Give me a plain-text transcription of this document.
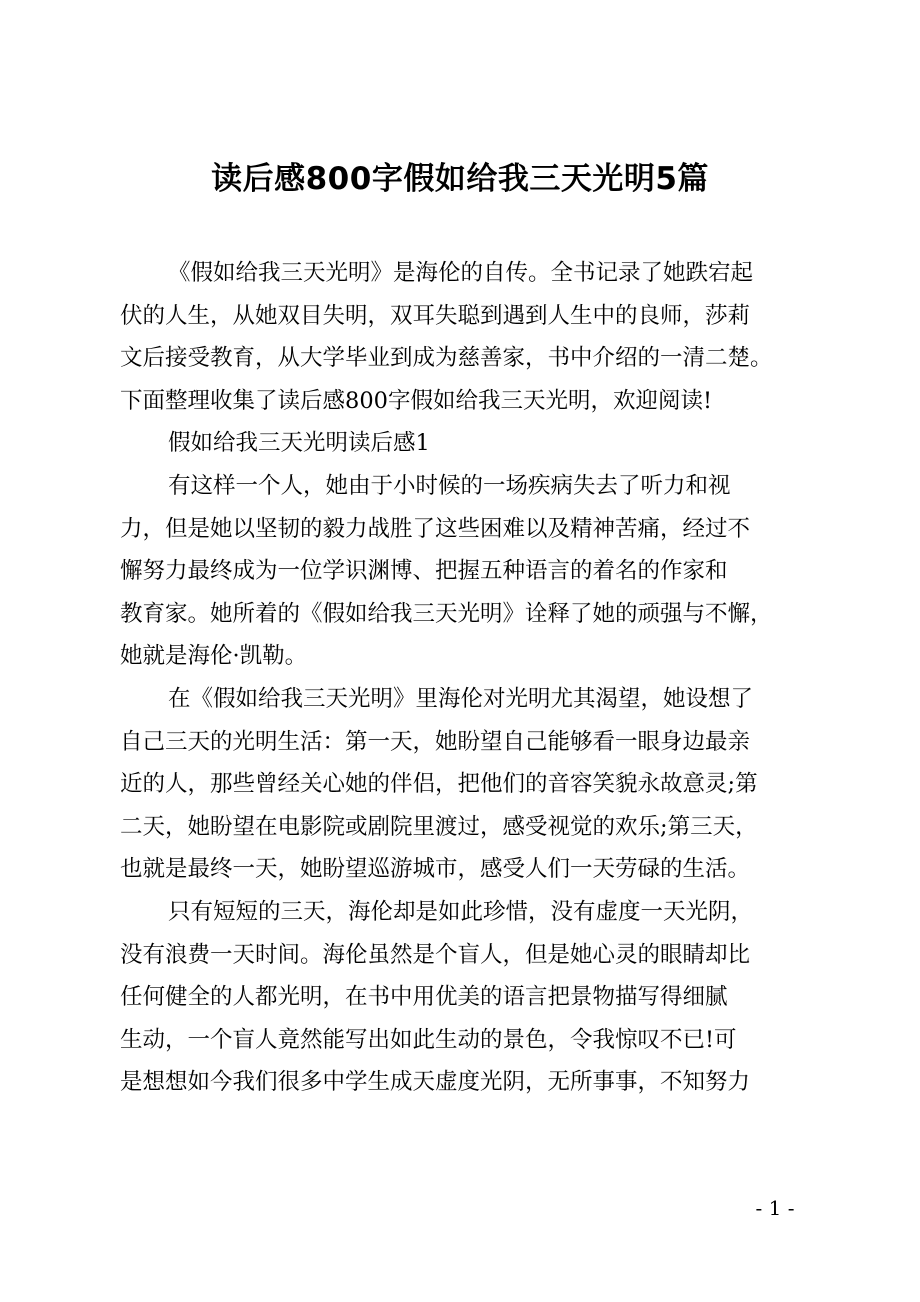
读后感800字假如给我三天光明5篇
《假如给我三天光明》是海伦的自传。全书记录了她跌宕起
伏的人生，从她双目失明，双耳失聪到遇到人生中的良师，莎莉
文后接受教育，从大学毕业到成为慈善家，书中介绍的一清二楚。
下面整理收集了读后感800字假如给我三天光明，欢迎阅读!
假如给我三天光明读后感1
有这样一个人，她由于小时候的一场疾病失去了听力和视
力，但是她以坚韧的毅力战胜了这些困难以及精神苦痛，经过不
懈努力最终成为一位学识渊博、把握五种语言的着名的作家和
教育家。她所着的《假如给我三天光明》诠释了她的顽强与不懈，
她就是海伦·凯勒。
在《假如给我三天光明》里海伦对光明尤其渴望，她设想了
自己三天的光明生活：第一天，她盼望自己能够看一眼身边最亲
近的人，那些曾经关心她的伴侣，把他们的音容笑貌永故意灵;第
二天，她盼望在电影院或剧院里渡过，感受视觉的欢乐;第三天，
也就是最终一天，她盼望巡游城市，感受人们一天劳碌的生活。
只有短短的三天，海伦却是如此珍惜，没有虚度一天光阴，
没有浪费一天时间。海伦虽然是个盲人，但是她心灵的眼睛却比
任何健全的人都光明，在书中用优美的语言把景物描写得细腻
生动，一个盲人竟然能写出如此生动的景色，令我惊叹不已!可
是想想如今我们很多中学生成天虚度光阴，无所事事，不知努力
- 1 -
